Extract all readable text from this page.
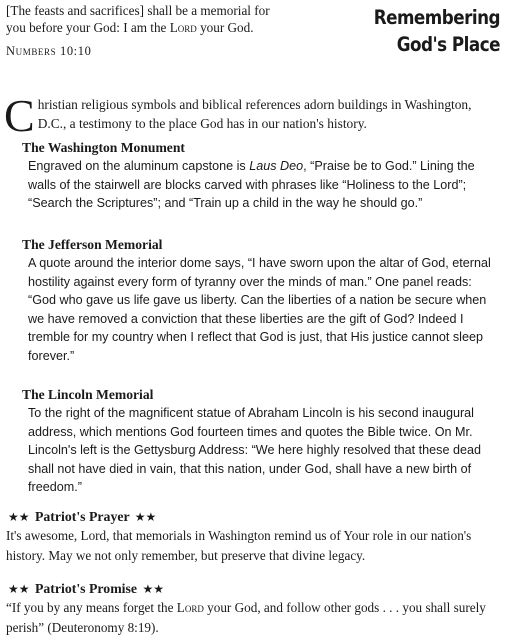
[The feasts and sacrifices] shall be a memorial for
you before your God: I am the Lord your God.
Numbers 10:10
Remembering
God's Place
Christian religious symbols and biblical references adorn buildings in Washington, D.C., a testimony to the place God has in our nation's history.
The Washington Monument
Engraved on the aluminum capstone is Laus Deo, “Praise be to God.” Lining the walls of the stairwell are blocks carved with phrases like “Holiness to the Lord”; “Search the Scriptures”; and “Train up a child in the way he should go.”
The Jefferson Memorial
A quote around the interior dome says, “I have sworn upon the altar of God, eternal hostility against every form of tyranny over the minds of man.” One panel reads: “God who gave us life gave us liberty. Can the liberties of a nation be secure when we have removed a conviction that these liberties are the gift of God? Indeed I tremble for my country when I reflect that God is just, that His justice cannot sleep forever.”
The Lincoln Memorial
To the right of the magnificent statue of Abraham Lincoln is his second inaugural address, which mentions God fourteen times and quotes the Bible twice. On Mr. Lincoln's left is the Gettysburg Address: “We here highly resolved that these dead shall not have died in vain, that this nation, under God, shall have a new birth of freedom.”
★★ Patriot's Prayer ★★
It's awesome, Lord, that memorials in Washington remind us of Your role in our nation's history. May we not only remember, but preserve that divine legacy.
★★ Patriot's Promise ★★
“If you by any means forget the Lord your God, and follow other gods . . . you shall surely perish” (Deuteronomy 8:19).
